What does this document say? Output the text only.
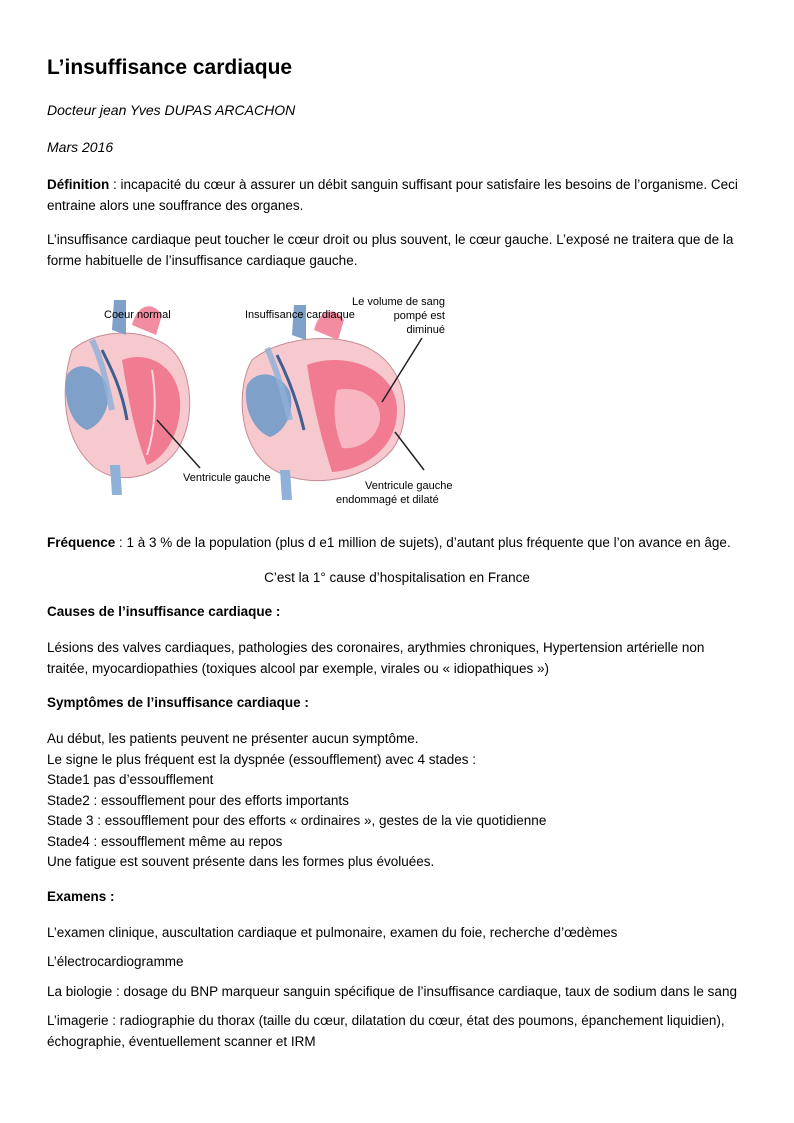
L’insuffisance cardiaque
Docteur jean Yves DUPAS ARCACHON
Mars 2016

Définition : incapacité du cœur à assurer un débit sanguin suffisant pour satisfaire les besoins de l’organisme. Ceci entraine alors une souffrance des organes.

L’insuffisance cardiaque peut toucher le cœur droit ou plus souvent, le cœur gauche. L’exposé ne traitera que de la forme habituelle de l’insuffisance cardiaque gauche.

Coeur normal	Insuffisance cardiaque
Le volume de sang
pompé est
diminué
Ventricule gauche
Ventricule gauche
endommagé et dilaté

Fréquence : 1 à 3 % de la population (plus d e1 million de sujets), d’autant plus fréquente que l’on avance en âge.

C’est la 1° cause d’hospitalisation en France
Causes de l’insuffisance cardiaque :

Lésions des valves cardiaques, pathologies des coronaires, arythmies chroniques, Hypertension artérielle non traitée, myocardiopathies (toxiques alcool par exemple, virales ou « idiopathiques »)

Symptômes de l’insuffisance cardiaque :
Au début, les patients peuvent ne présenter aucun symptôme.
Le signe le plus fréquent est la dyspnée (essoufflement) avec 4 stades :
Stade1 pas d’essoufflement
Stade2 : essoufflement pour des efforts importants
Stade 3 : essoufflement pour des efforts « ordinaires », gestes de la vie quotidienne
Stade4 : essoufflement même au repos
Une fatigue est souvent présente dans les formes plus évoluées.
Examens :

L’examen clinique, auscultation cardiaque et pulmonaire, examen du foie, recherche d’œdèmes

L’électrocardiogramme

La biologie : dosage du BNP marqueur sanguin spécifique de l’insuffisance cardiaque, taux de sodium dans le sang

L’imagerie : radiographie du thorax (taille du cœur, dilatation du cœur, état des poumons, épanchement liquidien), échographie, éventuellement scanner et IRM
